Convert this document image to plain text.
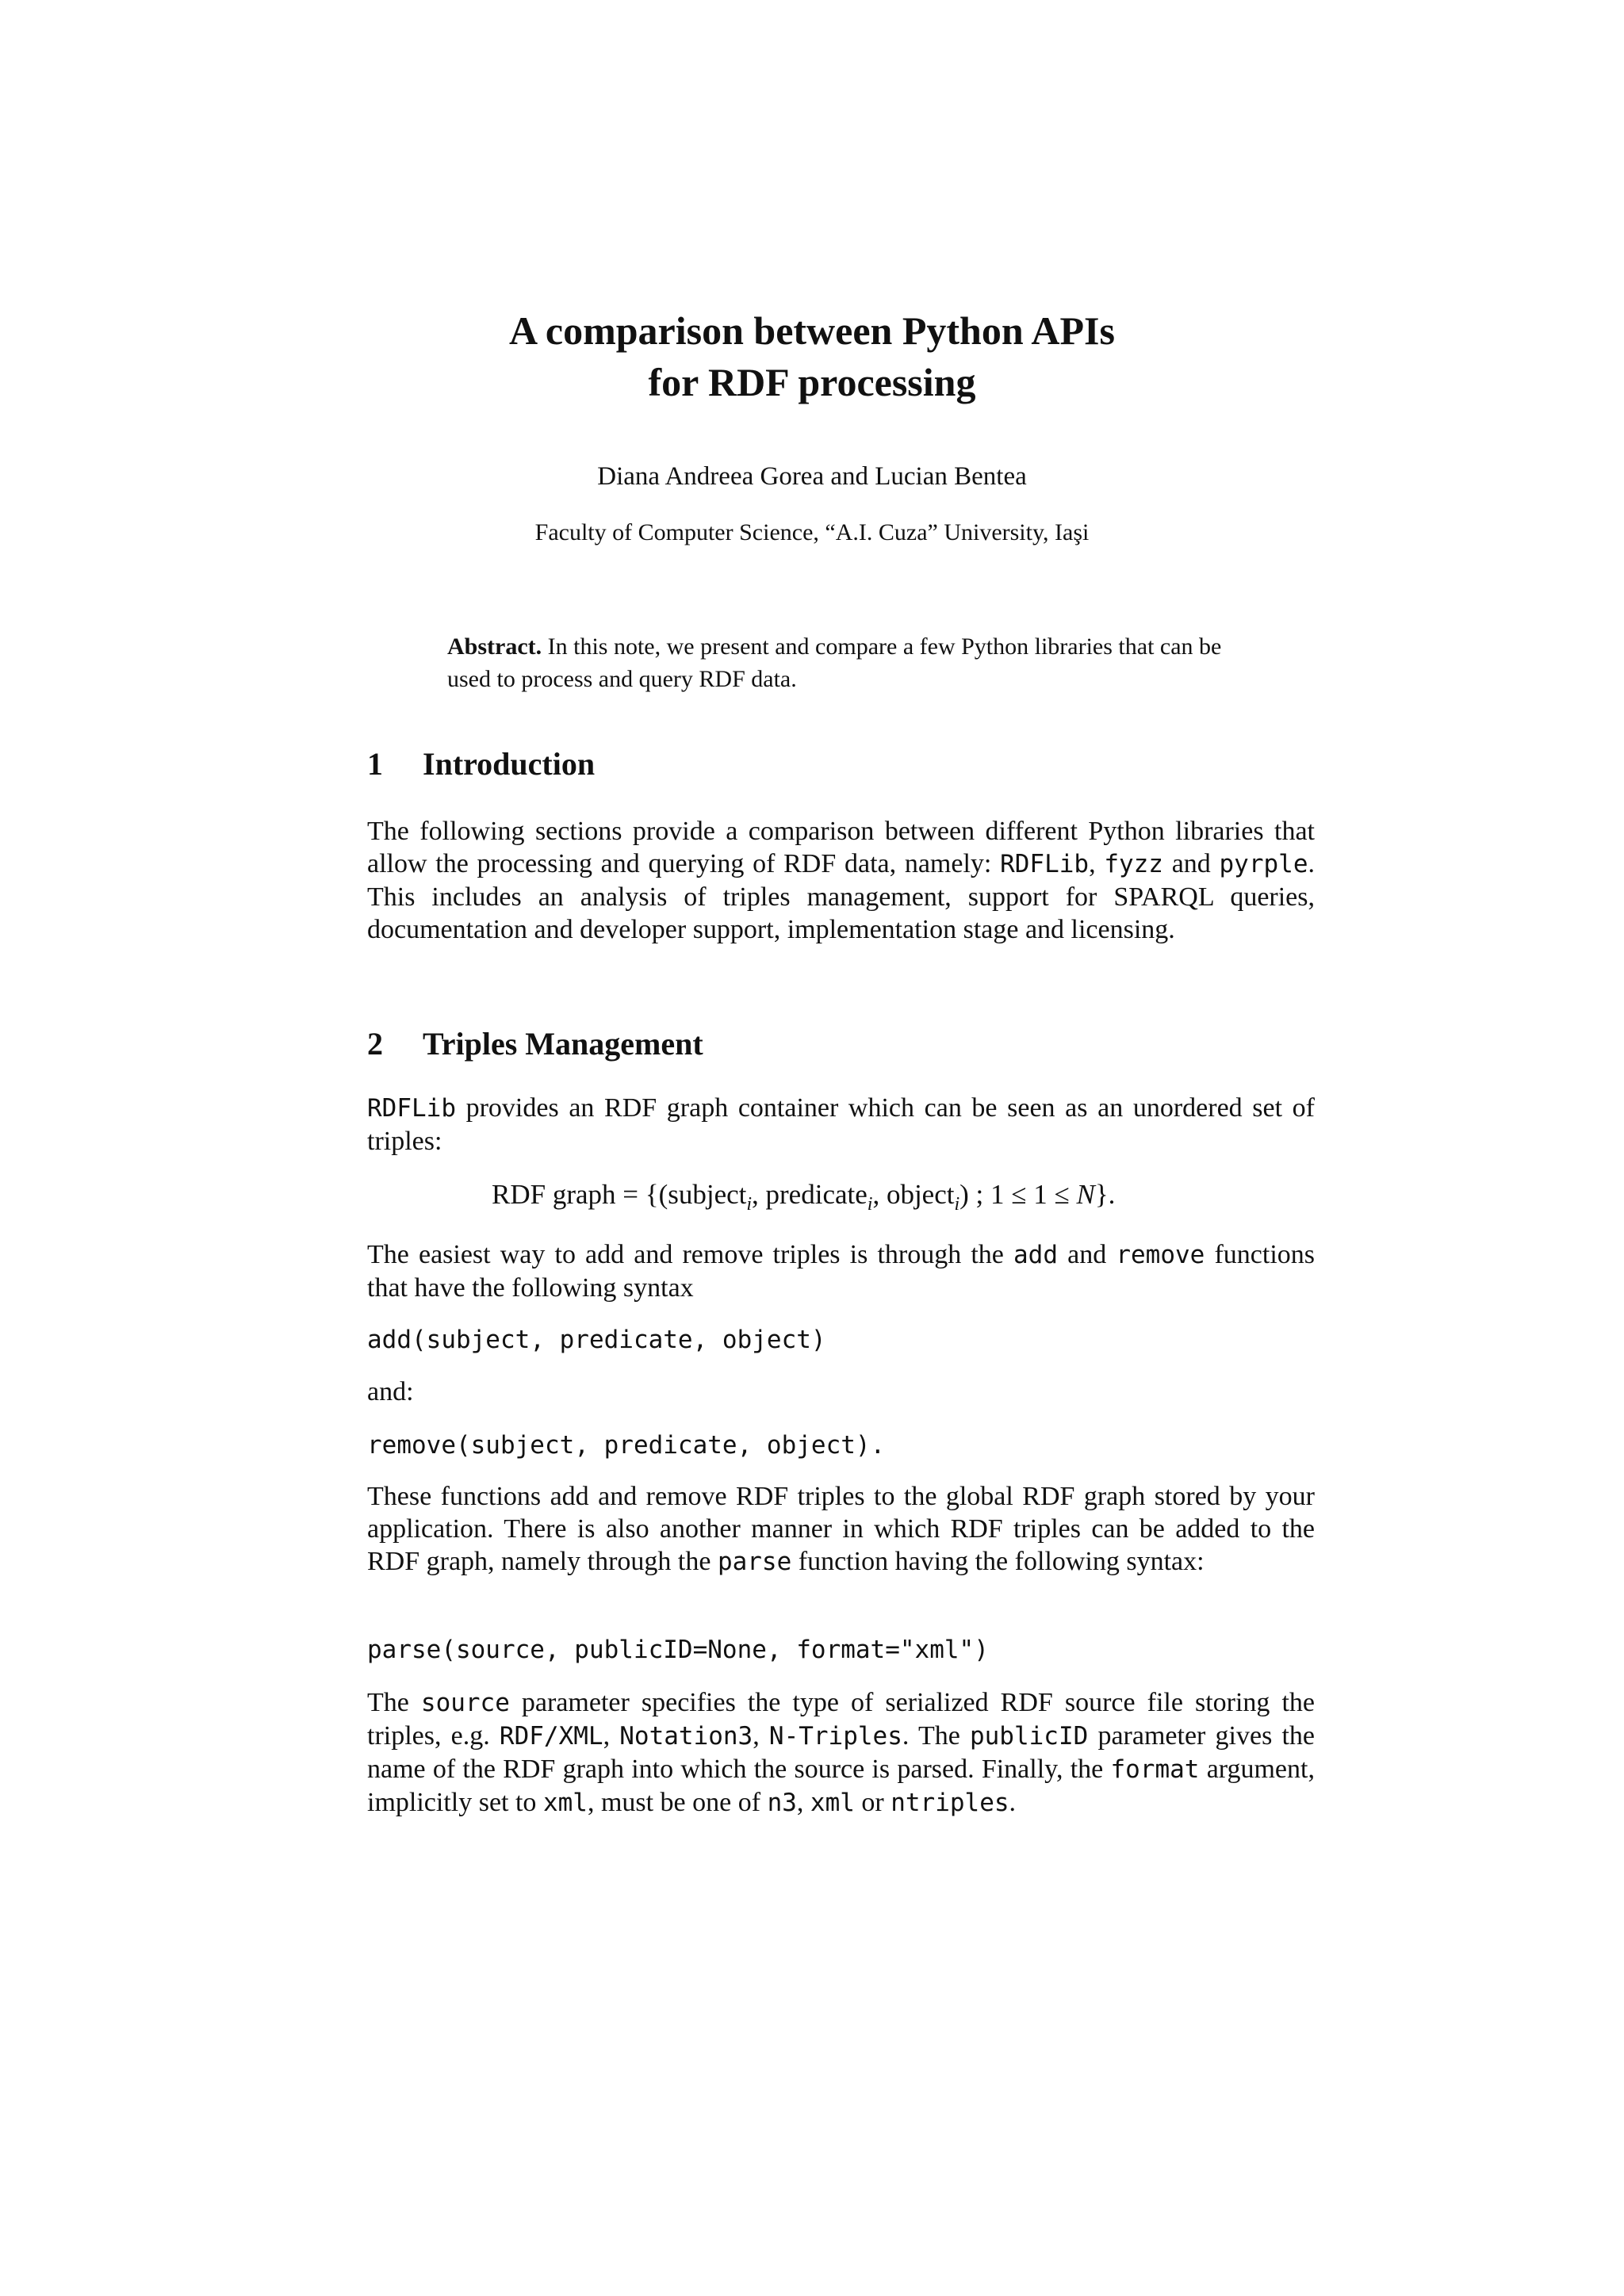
A comparison between Python APIs
for RDF processing
Diana Andreea Gorea and Lucian Bentea
Faculty of Computer Science, “A.I. Cuza” University, Iaşi
Abstract. In this note, we present and compare a few Python libraries that can be used to process and query RDF data.
1 Introduction
The following sections provide a comparison between different Python libraries that allow the processing and querying of RDF data, namely: RDFLib, fyzz and pyrple. This includes an analysis of triples management, support for SPARQL queries, documentation and developer support, implementation stage and licensing.
2 Triples Management
RDFLib provides an RDF graph container which can be seen as an unordered set of triples:
RDF graph = {(subject$_i$, predicate$_i$, object$_i$) ; 1 ≤ 1 ≤ N}.
The easiest way to add and remove triples is through the add and remove functions that have the following syntax
add(subject, predicate, object)
and:
remove(subject, predicate, object).
These functions add and remove RDF triples to the global RDF graph stored by your application. There is also another manner in which RDF triples can be added to the RDF graph, namely through the parse function having the following syntax:
parse(source, publicID=None, format="xml")
The source parameter specifies the type of serialized RDF source file storing the triples, e.g. RDF/XML, Notation3, N-Triples. The publicID parameter gives the name of the RDF graph into which the source is parsed. Finally, the format argument, implicitly set to xml, must be one of n3, xml or ntriples.
